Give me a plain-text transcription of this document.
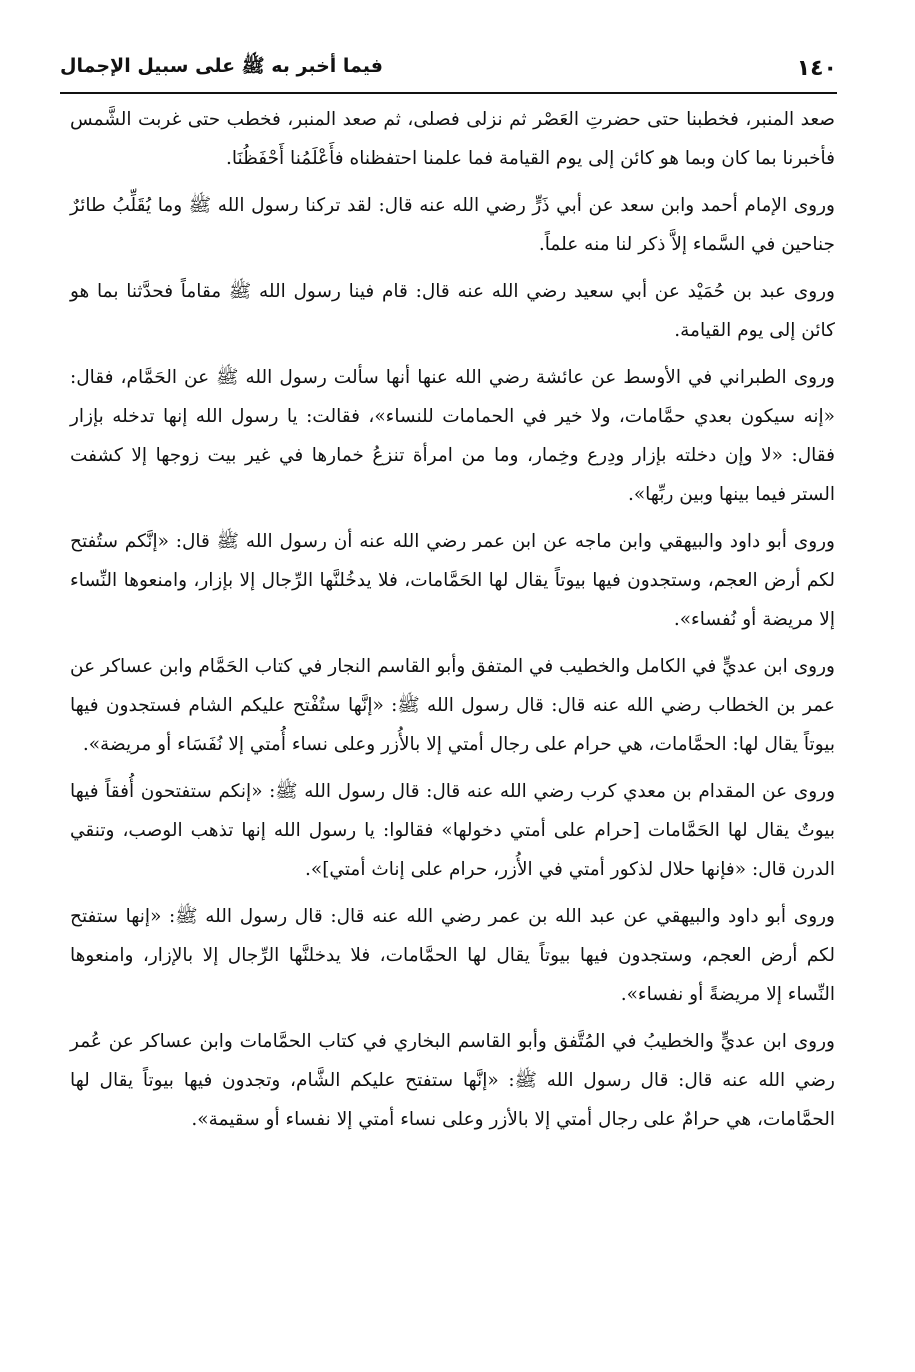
١٤٠
فيما أخبر به ﷺ على سبيل الإجمال

صعد المنبر، فخطبنا حتى حضرتِ العَصْر ثم نزلى فصلى، ثم صعد المنبر، فخطب حتى غربت الشَّمس فأخبرنا بما كان وبما هو كائن إلى يوم القيامة فما علمنا احتفظناه فأَعْلَمُنا أَحْفَظُنَا.

وروى الإمام أحمد وابن سعد عن أبي ذَرٍّ رضي الله عنه قال: لقد تركنا رسول الله ﷺ وما يُقَلِّبُ طائرٌ جناحين في السَّماء إلاَّ ذكر لنا منه علماً.

وروى عبد بن حُمَيْد عن أبي سعيد رضي الله عنه قال: قام فينا رسول الله ﷺ مقاماً فحدَّثنا بما هو كائن إلى يوم القيامة.

وروى الطبراني في الأوسط عن عائشة رضي الله عنها أنها سألت رسول الله ﷺ عن الحَمَّام، فقال: «إنه سيكون بعدي حمَّامات، ولا خير في الحمامات للنساء»، فقالت: يا رسول الله إنها تدخله بإزار فقال: «لا وإن دخلته بإزار ودِرع وخِمار، وما من امرأة تنزعُ خمارها في غير بيت زوجها إلا كشفت الستر فيما بينها وبين ربِّها».

وروى أبو داود والبيهقي وابن ماجه عن ابن عمر رضي الله عنه أن رسول الله ﷺ قال: «إنَّكم ستُفتح لكم أرض العجم، وستجدون فيها بيوتاً يقال لها الحَمَّامات، فلا يدخُلنَّها الرِّجال إلا بإزار، وامنعوها النِّساء إلا مريضة أو نُفساء».

وروى ابن عديٍّ في الكامل والخطيب في المتفق وأبو القاسم النجار في كتاب الحَمَّام وابن عساكر عن عمر بن الخطاب رضي الله عنه قال: قال رسول الله ﷺ: «إنَّها ستُفْتح عليكم الشام فستجدون فيها بيوتاً يقال لها: الحمَّامات، هي حرام على رجال أمتي إلا بالأُزر وعلى نساء أُمتي إلا نُفَسَاء أو مريضة».

وروى عن المقدام بن معدي كرب رضي الله عنه قال: قال رسول الله ﷺ: «إنكم ستفتحون أُفقاً فيها بيوتٌ يقال لها الحَمَّامات [حرام على أمتي دخولها» فقالوا: يا رسول الله إنها تذهب الوصب، وتنقي الدرن قال: «فإنها حلال لذكور أمتي في الأُزر، حرام على إناث أمتي]».

وروى أبو داود والبيهقي عن عبد الله بن عمر رضي الله عنه قال: قال رسول الله ﷺ: «إنها ستفتح لكم أرض العجم، وستجدون فيها بيوتاً يقال لها الحمَّامات، فلا يدخلنَّها الرِّجال إلا بالإزار، وامنعوها النِّساء إلا مريضةً أو نفساء».

وروى ابن عديٍّ والخطيبُ في المُتَّفق وأبو القاسم البخاري في كتاب الحمَّامات وابن عساكر عن عُمر رضي الله عنه قال: قال رسول الله ﷺ: «إنَّها ستفتح عليكم الشَّام، وتجدون فيها بيوتاً يقال لها الحمَّامات، هي حرامٌ على رجال أمتي إلا بالأزر وعلى نساء أمتي إلا نفساء أو سقيمة».
